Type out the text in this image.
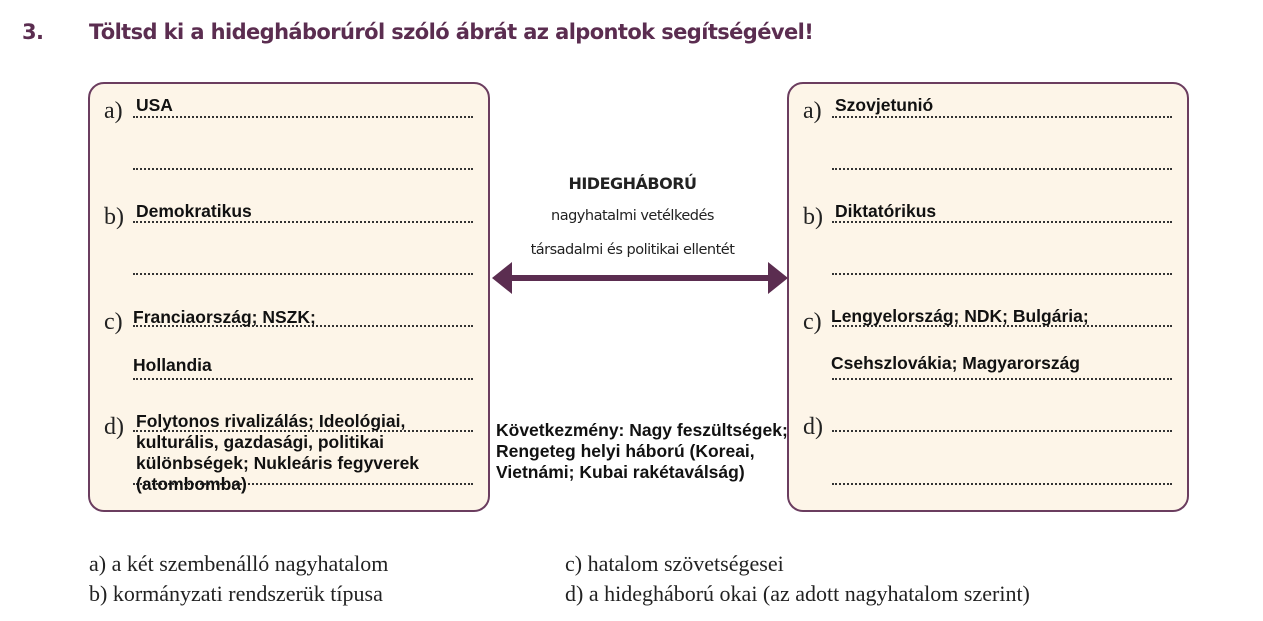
3. Töltsd ki a hidegháborúról szóló ábrát az alpontok segítségével!
a)
b)
c)
d)
USA
Demokratikus
Franciaország; NSZK;
Hollandia
Folytonos rivalizálás; Ideológiai, kulturális, gazdasági, politikai különbségek; Nukleáris fegyverek (atombomba)
a)
b)
c)
d)
Szovjetunió
Diktatórikus
Lengyelország; NDK; Bulgária;
Csehszlovákia; Magyarország
HIDEGHÁBORÚ
nagyhatalmi vetélkedés
társadalmi és politikai ellentét
Következmény: Nagy feszültségek; Rengeteg helyi háború (Koreai, Vietnámi; Kubai rakétaválság)
a) a két szembenálló nagyhatalom
b) kormányzati rendszerük típusa
c) hatalom szövetségesei
d) a hidegháború okai (az adott nagyhatalom szerint)
